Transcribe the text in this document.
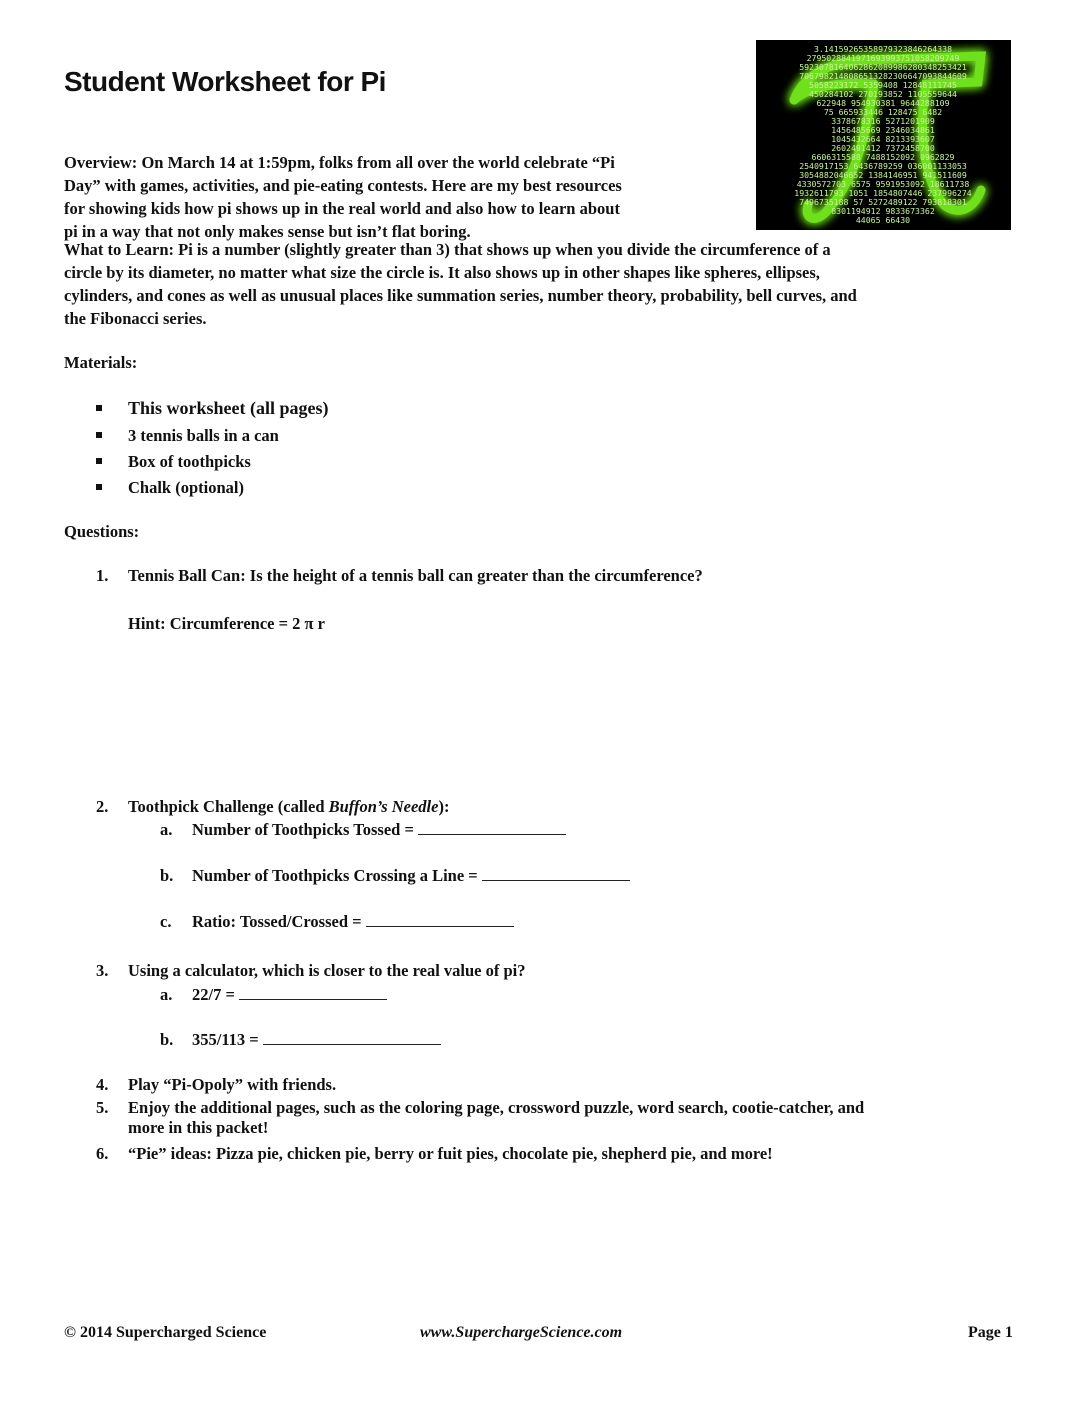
Student Worksheet for Pi
3.14159265358979323846264338
2795028841971693993751058209749
5923078164062862089986280348253421
7067982148086513282306647093844609
5058223172 5359408 12848111745
450284102 270193852 1105559644
622948 954930381 9644288109
75 665933446 128475 6482
3378678316 5271201909
1456485669 2346034861
1045432664 8213393607
2602491412 7372458700
6606315588 7488152092 0962829
2540917153 6436789259 036001133053
3054882046652 1384146951 941511609
4330572703 6575 9591953092 18611738
1932611793 1051 1854807446 237996274
7496735188 57 5272489122 793818301
8301194912 9833673362
44065 66430
Overview: On March 14 at 1:59pm, folks from all over the world celebrate “Pi
Day” with games, activities, and pie-eating contests. Here are my best resources
for showing kids how pi shows up in the real world and also how to learn about
pi in a way that not only makes sense but isn’t flat boring.
What to Learn: Pi is a number (slightly greater than 3) that shows up when you divide the circumference of a
circle by its diameter, no matter what size the circle is. It also shows up in other shapes like spheres, ellipses,
cylinders, and cones as well as unusual places like summation series, number theory, probability, bell curves, and
the Fibonacci series.
Materials:
This worksheet (all pages)
3 tennis balls in a can
Box of toothpicks
Chalk (optional)
Questions:
1. Tennis Ball Can: Is the height of a tennis ball can greater than the circumference?
Hint: Circumference = 2 π r
2. Toothpick Challenge (called Buffon’s Needle):
a. Number of Toothpicks Tossed =
b. Number of Toothpicks Crossing a Line =
c. Ratio: Tossed/Crossed =
3. Using a calculator, which is closer to the real value of pi?
a. 22/7 =
b. 355/113 =
4. Play “Pi-Opoly” with friends.
5. Enjoy the additional pages, such as the coloring page, crossword puzzle, word search, cootie-catcher, and
more in this packet!
6. “Pie” ideas: Pizza pie, chicken pie, berry or fuit pies, chocolate pie, shepherd pie, and more!
© 2014 Supercharged Science	www.SuperchargeScience.com	Page 1
